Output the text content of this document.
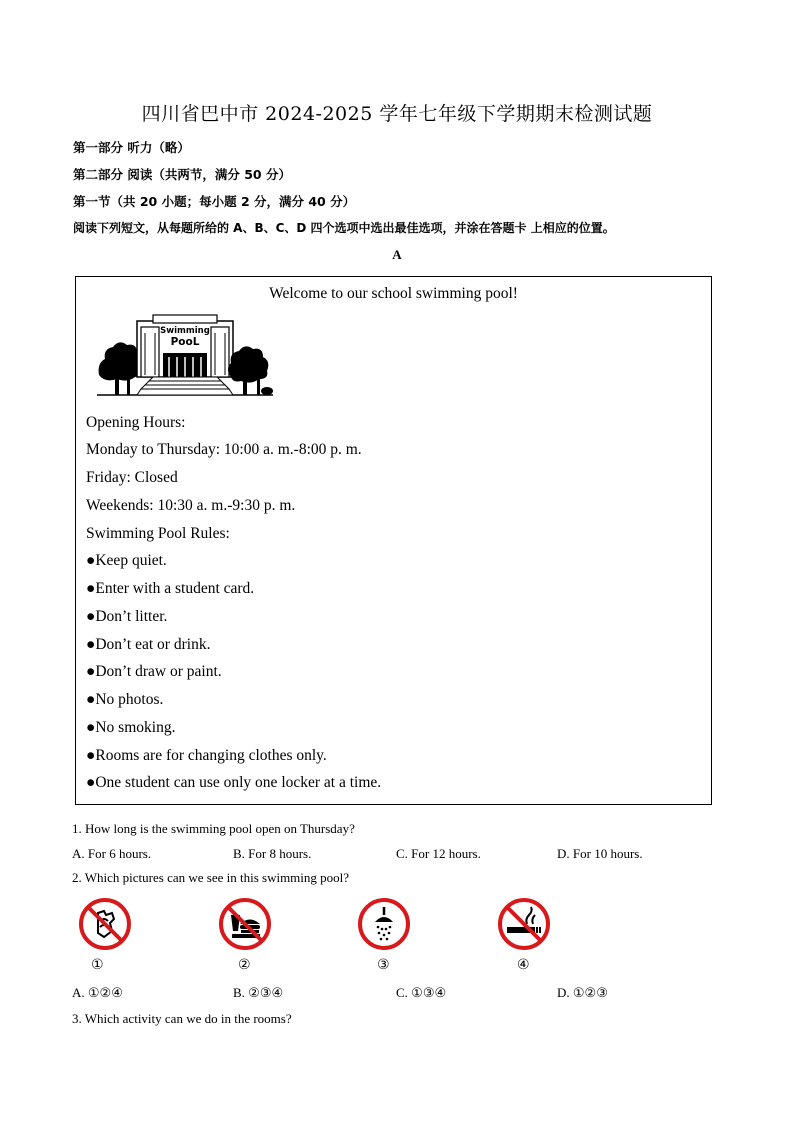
四川省巴中市 2024-2025 学年七年级下学期期末检测试题
第一部分 听力（略）
第二部分 阅读（共两节，满分 50 分）
第一节（共 20 小题；每小题 2 分，满分 40 分）
阅读下列短文，从每题所给的 A、B、C、D 四个选项中选出最佳选项，并涂在答题卡 上相应的位置。
A
Welcome to our school swimming pool!
Swimming
PooL
Opening Hours:
Monday to Thursday: 10:00 a. m.-8:00 p. m.
Friday: Closed
Weekends: 10:30 a. m.-9:30 p. m.
Swimming Pool Rules:
●Keep quiet.
●Enter with a student card.
●Don’t litter.
●Don’t eat or drink.
●Don’t draw or paint.
●No photos.
●No smoking.
●Rooms are for changing clothes only.
●One student can use only one locker at a time.
1. How long is the swimming pool open on Thursday?
A. For 6 hours.	B. For 8 hours.	C. For 12 hours.	D. For 10 hours.
2. Which pictures can we see in this swimming pool?
①	②	③	④
A. ①②④	B. ②③④	C. ①③④	D. ①②③
3. Which activity can we do in the rooms?
